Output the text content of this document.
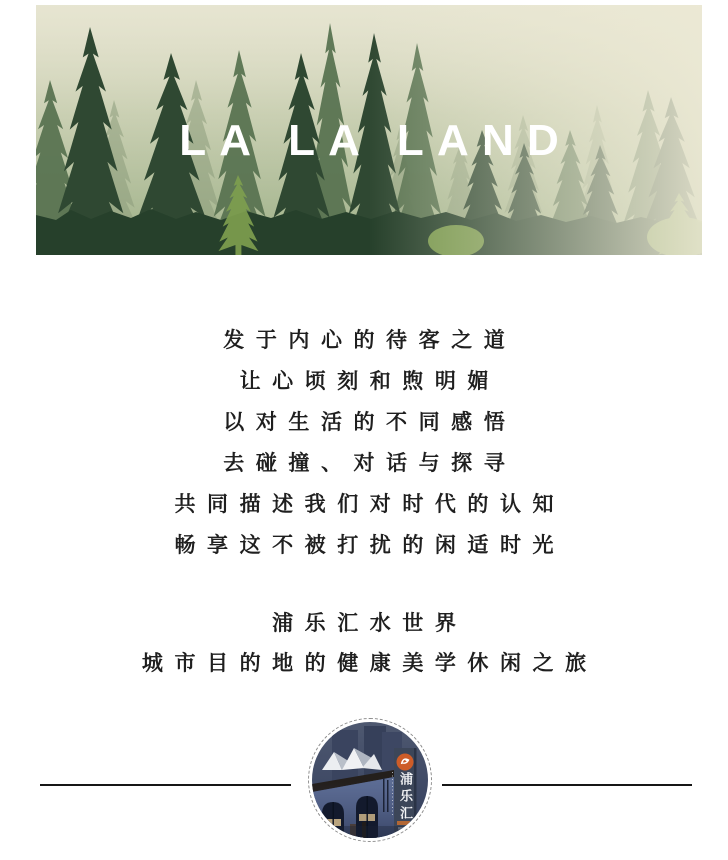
LA LA LAND

发于内心的待客之道

让心顷刻和煦明媚

以对生活的不同感悟

去碰撞、对话与探寻

共同描述我们对时代的认知

畅享这不被打扰的闲适时光

浦乐汇水世界

城市目的地的健康美学休闲之旅

浦乐汇
